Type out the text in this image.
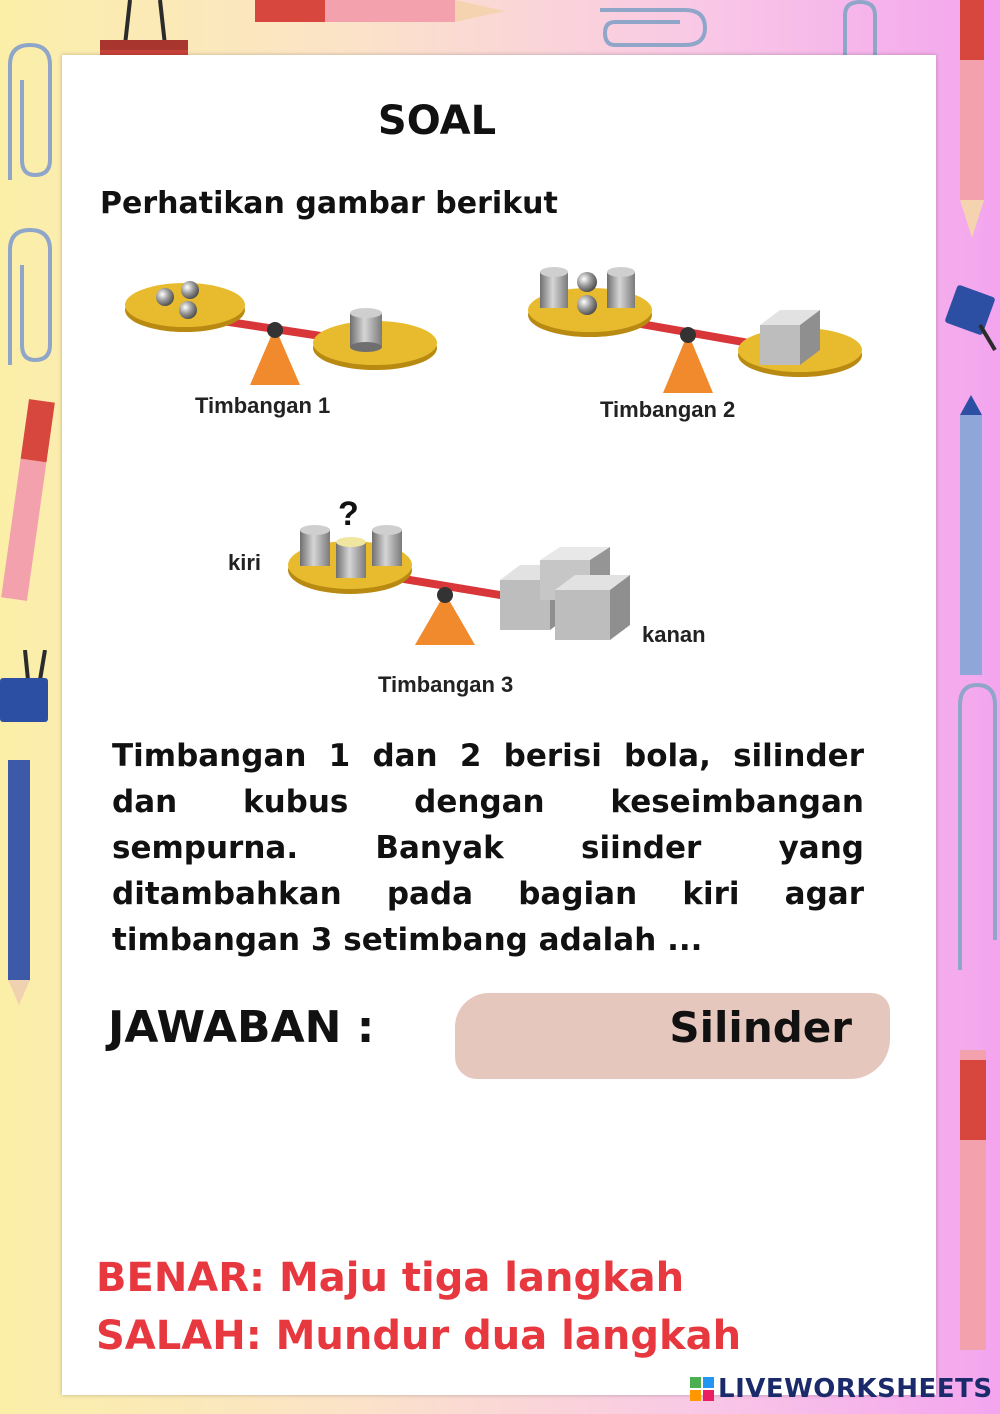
SOAL
Perhatikan gambar berikut
Timbangan 1	Timbangan 2
?
kiri
kanan
Timbangan 3

Timbangan 1 dan 2 berisi bola, silinder dan kubus dengan keseimbangan sempurna. Banyak siinder yang ditambahkan pada bagian kiri agar timbangan 3 setimbang adalah ...

JAWABAN :	Silinder
BENAR: Maju tiga langkah
SALAH: Mundur dua langkah
LIVEWORKSHEETS
